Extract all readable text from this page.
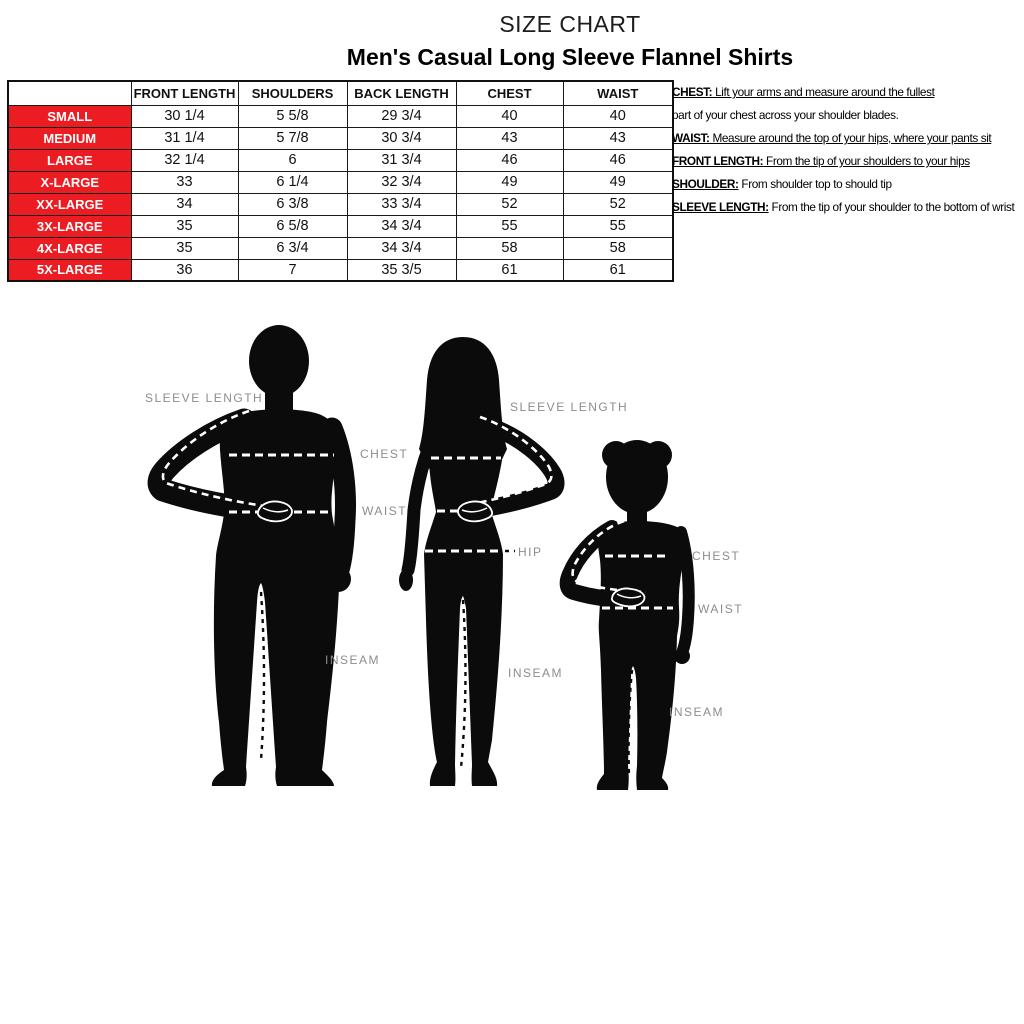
SIZE CHART
Men's Casual Long Sleeve Flannel Shirts
MEASUREMENT	FRONT LENGTH	SHOULDERS	BACK LENGTH	CHEST	WAIST
SMALL	30 1/4	5 5/8	29 3/4	40	40
MEDIUM	31 1/4	5 7/8	30 3/4	43	43
LARGE	32 1/4	6	31 3/4	46	46
X-LARGE	33	6 1/4	32 3/4	49	49
XX-LARGE	34	6 3/8	33 3/4	52	52
3X-LARGE	35	6 5/8	34 3/4	55	55
4X-LARGE	35	6 3/4	34 3/4	58	58
5X-LARGE	36	7	35 3/5	61	61
CHEST: Lift your arms and measure around the fullest
part of your chest across your shoulder blades.
WAIST: Measure around the top of your hips, where your pants sit
FRONT LENGTH: From the tip of your shoulders to your hips
SHOULDER: From shoulder top to should tip
SLEEVE LENGTH: From the tip of your shoulder to the bottom of wrist
SLEEVE LENGTH
CHEST
WAIST
SLEEVE LENGTH
HIP	CHEST
WAIST
INSEAM
INSEAM
INSEAM
